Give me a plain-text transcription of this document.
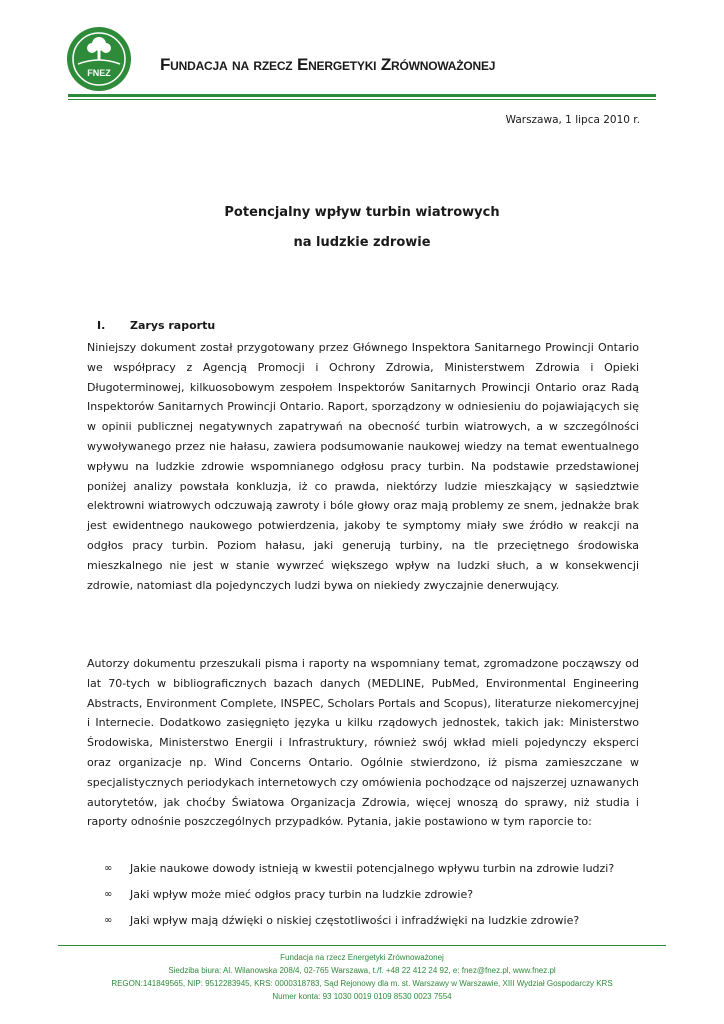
FNEZ	Fundacja na rzecz Energetyki Zrównoważonej
Warszawa, 1 lipca 2010 r.
Potencjalny wpływ turbin wiatrowych
na ludzkie zdrowie
I. Zarys raportu

Niniejszy dokument został przygotowany przez Głównego Inspektora Sanitarnego Prowincji Ontario we współpracy z Agencją Promocji i Ochrony Zdrowia, Ministerstwem Zdrowia i Opieki Długoterminowej, kilkuosobowym zespołem Inspektorów Sanitarnych Prowincji Ontario oraz Radą Inspektorów Sanitarnych Prowincji Ontario. Raport, sporządzony w odniesieniu do pojawiających się w opinii publicznej negatywnych zapatrywań na obecność turbin wiatrowych, a w szczególności wywoływanego przez nie hałasu, zawiera podsumowanie naukowej wiedzy na temat ewentualnego wpływu na ludzkie zdrowie wspomnianego odgłosu pracy turbin. Na podstawie przedstawionej poniżej analizy powstała konkluzja, iż co prawda, niektórzy ludzie mieszkający w sąsiedztwie elektrowni wiatrowych odczuwają zawroty i bóle głowy oraz mają problemy ze snem, jednakże brak jest ewidentnego naukowego potwierdzenia, jakoby te symptomy miały swe źródło w reakcji na odgłos pracy turbin. Poziom hałasu, jaki generują turbiny, na tle przeciętnego środowiska mieszkalnego nie jest w stanie wywrzeć większego wpływ na ludzki słuch, a w konsekwencji zdrowie, natomiast dla pojedynczych ludzi bywa on niekiedy zwyczajnie denerwujący.

Autorzy dokumentu przeszukali pisma i raporty na wspomniany temat, zgromadzone począwszy od lat 70-tych w bibliograficznych bazach danych (MEDLINE, PubMed, Environmental Engineering Abstracts, Environment Complete, INSPEC, Scholars Portals and Scopus), literaturze niekomercyjnej i Internecie. Dodatkowo zasięgnięto języka u kilku rządowych jednostek, takich jak: Ministerstwo Środowiska, Ministerstwo Energii i Infrastruktury, również swój wkład mieli pojedynczy eksperci oraz organizacje np. Wind Concerns Ontario. Ogólnie stwierdzono, iż pisma zamieszczane w specjalistycznych periodykach internetowych czy omówienia pochodzące od najszerzej uznawanych autorytetów, jak choćby Światowa Organizacja Zdrowia, więcej wnoszą do sprawy, niż studia i raporty odnośnie poszczególnych przypadków. Pytania, jakie postawiono w tym raporcie to:

∞ Jakie naukowe dowody istnieją w kwestii potencjalnego wpływu turbin na zdrowie ludzi?
∞ Jaki wpływ może mieć odgłos pracy turbin na ludzkie zdrowie?
∞ Jaki wpływ mają dźwięki o niskiej częstotliwości i infradźwięki na ludzkie zdrowie?
Fundacja na rzecz Energetyki Zrównoważonej
Siedziba biura: Al. Wilanowska 208/4, 02-765 Warszawa, t./f. +48 22 412 24 92, e: fnez@fnez.pl, www.fnez.pl
REGON:141849565, NIP: 9512283945, KRS: 0000318783, Sąd Rejonowy dla m. st. Warszawy w Warszawie, XIII Wydział Gospodarczy KRS
Numer konta: 93 1030 0019 0109 8530 0023 7554
